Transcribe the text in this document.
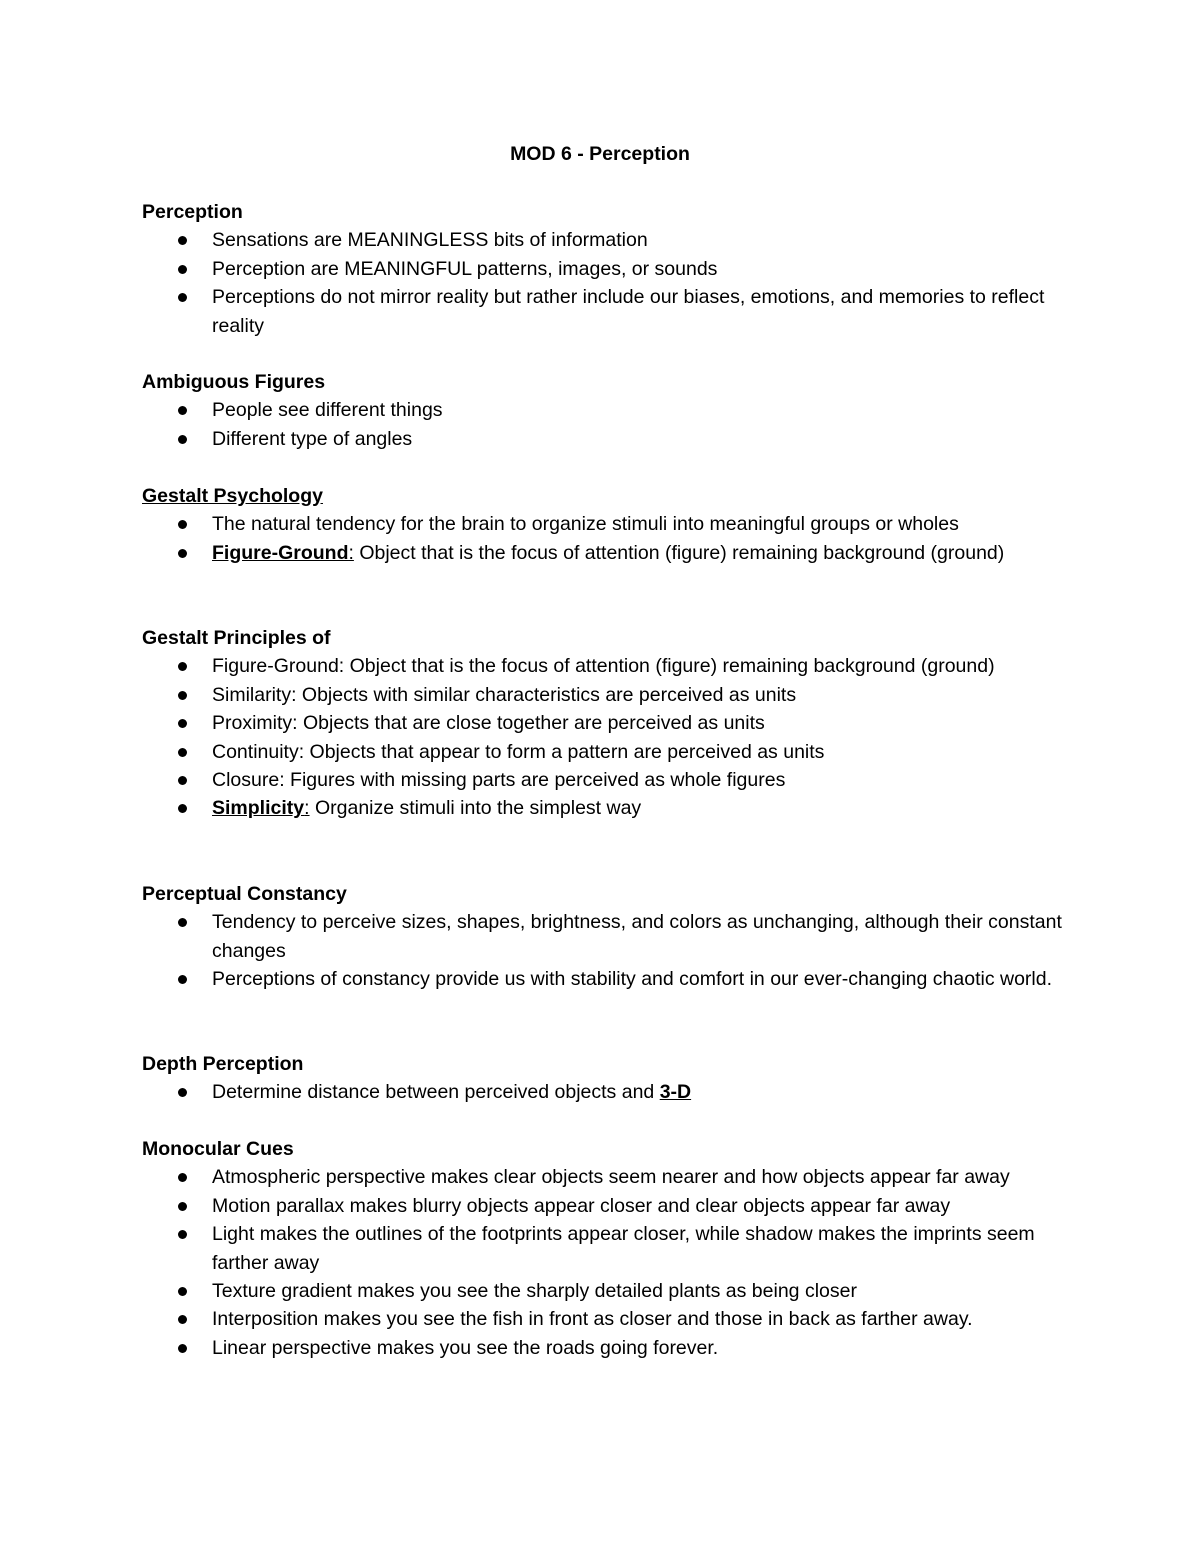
MOD 6 - Perception
Perception
Sensations are MEANINGLESS bits of information
Perception are MEANINGFUL patterns, images, or sounds
Perceptions do not mirror reality but rather include our biases, emotions, and memories to reflect reality
Ambiguous Figures
People see different things
Different type of angles
Gestalt Psychology
The natural tendency for the brain to organize stimuli into meaningful groups or wholes
Figure-Ground: Object that is the focus of attention (figure) remaining background (ground)
Gestalt Principles of
Figure-Ground: Object that is the focus of attention (figure) remaining background (ground)
Similarity: Objects with similar characteristics are perceived as units
Proximity: Objects that are close together are perceived as units
Continuity: Objects that appear to form a pattern are perceived as units
Closure: Figures with missing parts are perceived as whole figures
Simplicity: Organize stimuli into the simplest way
Perceptual Constancy
Tendency to perceive sizes, shapes, brightness, and colors as unchanging, although their constant changes
Perceptions of constancy provide us with stability and comfort in our ever-changing chaotic world.
Depth Perception
Determine distance between perceived objects and 3-D
Monocular Cues
Atmospheric perspective makes clear objects seem nearer and how objects appear far away
Motion parallax makes blurry objects appear closer and clear objects appear far away
Light makes the outlines of the footprints appear closer, while shadow makes the imprints seem farther away
Texture gradient makes you see the sharply detailed plants as being closer
Interposition makes you see the fish in front as closer and those in back as farther away.
Linear perspective makes you see the roads going forever.
